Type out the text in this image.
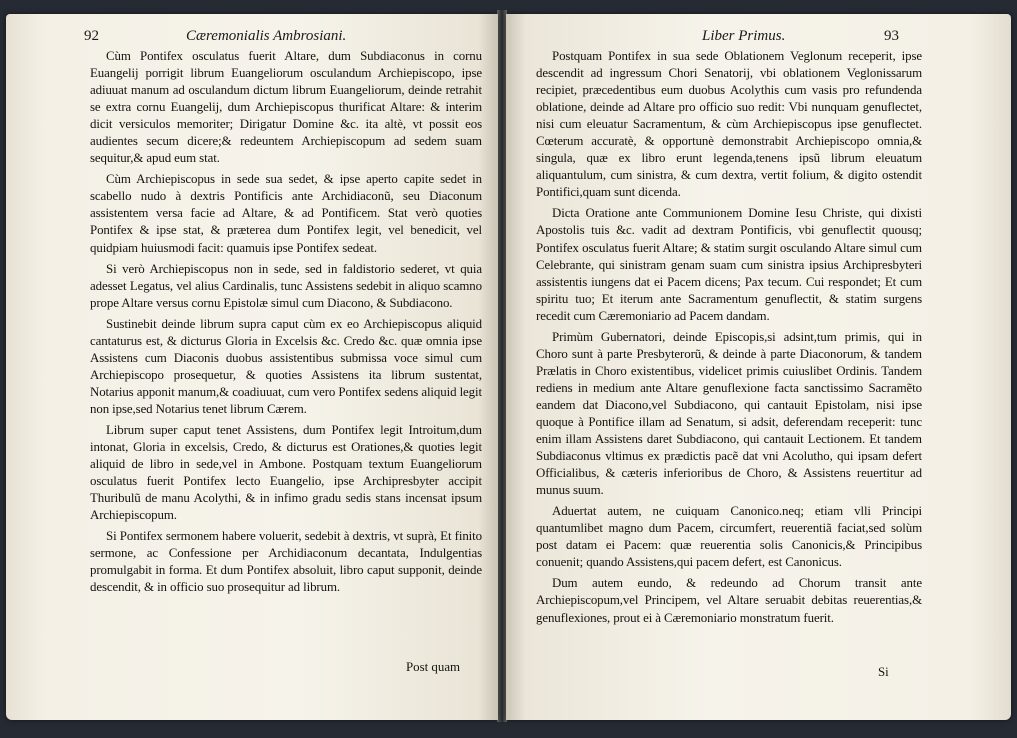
92	Cæremonialis Ambrosiani.

Cùm Pontifex osculatus fuerit Altare, dum Subdiaconus in cornu Euangelij porrigit librum Euangeliorum osculandum Archiepiscopo, ipse adiuuat manum ad osculandum dictum librum Euangeliorum, deinde retrahit se extra cornu Euangelij, dum Archiepiscopus thurificat Altare: & interim dicit versiculos memoriter; Dirigatur Domine &c. ita altè, vt possit eos audientes secum dicere;& redeuntem Archiepiscopum ad sedem suam sequitur,& apud eum stat.

Cùm Archiepiscopus in sede sua sedet, & ipse aperto capite sedet in scabello nudo à dextris Pontificis ante Archidiaconũ, seu Diaconum assistentem versa facie ad Altare, & ad Pontificem. Stat verò quoties Pontifex & ipse stat, & præterea dum Pontifex legit, vel benedicit, vel quidpiam huiusmodi facit: quamuis ipse Pontifex sedeat.

Si verò Archiepiscopus non in sede, sed in faldistorio sederet, vt quia adesset Legatus, vel alius Cardinalis, tunc Assistens sedebit in aliquo scamno prope Altare versus cornu Epistolæ simul cum Diacono, & Subdiacono.

Sustinebit deinde librum supra caput cùm ex eo Archiepiscopus aliquid cantaturus est, & dicturus Gloria in Excelsis &c. Credo &c. quæ omnia ipse Assistens cum Diaconis duobus assistentibus submissa voce simul cum Archiepiscopo prosequetur, & quoties Assistens ita librum sustentat, Notarius apponit manum,& coadiuuat, cum vero Pontifex sedens aliquid legit non ipse,sed Notarius tenet librum Cærem.

Librum super caput tenet Assistens, dum Pontifex legit Introitum,dum intonat, Gloria in excelsis, Credo, & dicturus est Orationes,& quoties legit aliquid de libro in sede,vel in Ambone. Postquam textum Euangeliorum osculatus fuerit Pontifex lecto Euangelio, ipse Archipresbyter accipit Thuribulũ de manu Acolythi, & in infimo gradu sedis stans incensat ipsum Archiepiscopum.

Si Pontifex sermonem habere voluerit, sedebit à dextris, vt suprà, Et finito sermone, ac Confessione per Archidiaconum decantata, Indulgentias promulgabit in forma. Et dum Pontifex absoluit, libro caput supponit, deinde descendit, & in officio suo prosequitur ad librum.

Post quam
Liber Primus.	93

Postquam Pontifex in sua sede Oblationem Veglonum receperit, ipse descendit ad ingressum Chori Senatorij, vbi oblationem Veglonissarum recipiet, præcedentibus eum duobus Acolythis cum vasis pro refundenda oblatione, deinde ad Altare pro officio suo redit: Vbi nunquam genuflectet, nisi cum eleuatur Sacramentum, & cùm Archiepiscopus ipse genuflectet. Cœterum accuratè, & opportunè demonstrabit Archiepiscopo omnia,& singula, quæ ex libro erunt legenda,tenens ipsũ librum eleuatum aliquantulum, cum sinistra, & cum dextra, vertit folium, & digito ostendit Pontifici,quam sunt dicenda.

Dicta Oratione ante Communionem Domine Iesu Christe, qui dixisti Apostolis tuis &c. vadit ad dextram Pontificis, vbi genuflectit quousq; Pontifex osculatus fuerit Altare; & statim surgit osculando Altare simul cum Celebrante, qui sinistram genam suam cum sinistra ipsius Archipresbyteri assistentis iungens dat ei Pacem dicens; Pax tecum. Cui respondet; Et cum spiritu tuo; Et iterum ante Sacramentum genuflectit, & statim surgens recedit cum Cæremoniario ad Pacem dandam.

Primùm Gubernatori, deinde Episcopis,si adsint,tum primis, qui in Choro sunt à parte Presbyterorũ, & deinde à parte Diaconorum, & tandem Prælatis in Choro existentibus, videlicet primis cuiuslibet Ordinis. Tandem rediens in medium ante Altare genuflexione facta sanctissimo Sacramẽto eandem dat Diacono,vel Subdiacono, qui cantauit Epistolam, nisi ipse quoque à Pontifice illam ad Senatum, si adsit, deferendam receperit: tunc enim illam Assistens daret Subdiacono, qui cantauit Lectionem. Et tandem Subdiaconus vltimus ex prædictis pacẽ dat vni Acolutho, qui ipsam defert Officialibus, & cæteris inferioribus de Choro, & Assistens reuertitur ad munus suum.

Aduertat autem, ne cuiquam Canonico.neq; etiam vlli Principi quantumlibet magno dum Pacem, circumfert, reuerentiã faciat,sed solùm post datam ei Pacem: quæ reuerentia solis Canonicis,& Principibus conuenit; quando Assistens,qui pacem defert, est Canonicus.

Dum autem eundo, & redeundo ad Chorum transit ante Archiepiscopum,vel Principem, vel Altare seruabit debitas reuerentias,& genuflexiones, prout ei à Cæremoniario monstratum fuerit.

Si
